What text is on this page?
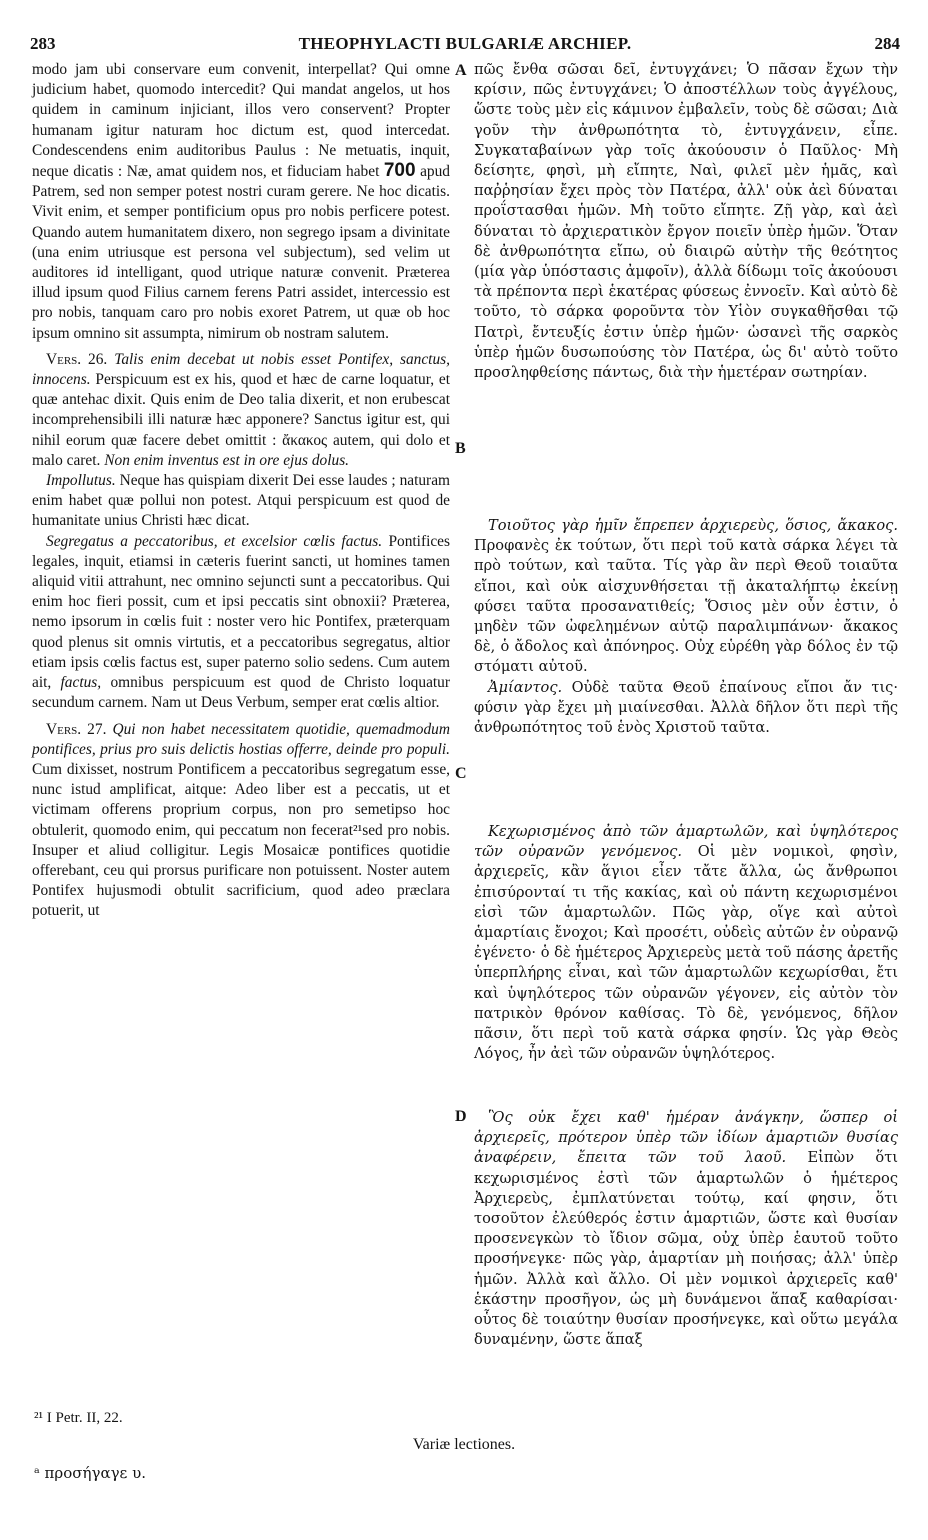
283	THEOPHYLACTI BULGARIÆ ARCHIEP.	284
A
B
C
D

modo jam ubi conservare eum convenit, interpellat? Qui omne judicium habet, quomodo intercedit? Qui mandat angelos, ut hos quidem in caminum injiciant, illos vero conservent? Propter humanam igitur naturam hoc dictum est, quod intercedat. Condescendens enim auditoribus Paulus : Ne metuatis, inquit, neque dicatis : Næ, amat quidem nos, et fiduciam habet 700 apud Patrem, sed non semper potest nostri curam gerere. Ne hoc dicatis. Vivit enim, et semper pontificium opus pro nobis perficere potest. Quando autem humanitatem dixero, non segrego ipsam a divinitate (una enim utriusque est persona vel subjectum), sed velim ut auditores id intelligant, quod utrique naturæ convenit. Præterea illud ipsum quod Filius carnem ferens Patri assidet, intercessio est pro nobis, tanquam caro pro nobis exoret Patrem, ut quæ ob hoc ipsum omnino sit assumpta, nimirum ob nostram salutem.

Vers. 26. Talis enim decebat ut nobis esset Pontifex, sanctus, innocens. Perspicuum est ex his, quod et hæc de carne loquatur, et quæ antehac dixit. Quis enim de Deo talia dixerit, et non erubescat incomprehensibili illi naturæ hæc apponere? Sanctus igitur est, qui nihil eorum quæ facere debet omittit : ἄκακος autem, qui dolo et malo caret. Non enim inventus est in ore ejus dolus.

Impollutus. Neque has quispiam dixerit Dei esse laudes ; naturam enim habet quæ pollui non potest. Atqui perspicuum est quod de humanitate unius Christi hæc dicat.

Segregatus a peccatoribus, et excelsior cœlis factus. Pontifices legales, inquit, etiamsi in cæteris fuerint sancti, ut homines tamen aliquid vitii attrahunt, nec omnino sejuncti sunt a peccatoribus. Qui enim hoc fieri possit, cum et ipsi peccatis sint obnoxii? Præterea, nemo ipsorum in cœlis fuit : noster vero hic Pontifex, præterquam quod plenus sit omnis virtutis, et a peccatoribus segregatus, altior etiam ipsis cœlis factus est, super paterno solio sedens. Cum autem ait, factus, omnibus perspicuum est quod de Christo loquatur secundum carnem. Nam ut Deus Verbum, semper erat cœlis altior.

Vers. 27. Qui non habet necessitatem quotidie, quemadmodum pontifices, prius pro suis delictis hostias offerre, deinde pro populi. Cum dixisset, nostrum Pontificem a peccatoribus segregatum esse, nunc istud amplificat, aitque: Adeo liber est a peccatis, ut et victimam offerens proprium corpus, non pro semetipso hoc obtulerit, quomodo enim, qui peccatum non fecerat²¹sed pro nobis. Insuper et aliud colligitur. Legis Mosaicæ pontifices quotidie offerebant, ceu qui prorsus purificare non potuissent. Noster autem Pontifex hujusmodi obtulit sacrificium, quod adeo præclara potuerit, ut

πῶς ἔνθα σῶσαι δεῖ, ἐντυγχάνει; Ὁ πᾶσαν ἔχων τὴν κρίσιν, πῶς ἐντυγχάνει; Ὁ ἀποστέλλων τοὺς ἀγγέλους, ὥστε τοὺς μὲν εἰς κάμινον ἐμβαλεῖν, τοὺς δὲ σῶσαι; Διὰ γοῦν τὴν ἀνθρωπότητα τὸ, ἐντυγχάνειν, εἶπε. Συγκαταβαίνων γὰρ τοῖς ἀκούουσιν ὁ Παῦλος· Μὴ δείσητε, φησὶ, μὴ εἴπητε, Ναὶ, φιλεῖ μὲν ἡμᾶς, καὶ παῤῥησίαν ἔχει πρὸς τὸν Πατέρα, ἀλλ' οὐκ ἀεὶ δύναται προΐστασθαι ἡμῶν. Μὴ τοῦτο εἴπητε. Ζῇ γὰρ, καὶ ἀεὶ δύναται τὸ ἀρχιερατικὸν ἔργον ποιεῖν ὑπὲρ ἡμῶν. Ὅταν δὲ ἀνθρωπότητα εἴπω, οὐ διαιρῶ αὐτὴν τῆς θεότητος (μία γὰρ ὑπόστασις ἀμφοῖν), ἀλλὰ δίδωμι τοῖς ἀκούουσι τὰ πρέποντα περὶ ἑκατέρας φύσεως ἐννοεῖν. Καὶ αὐτὸ δὲ τοῦτο, τὸ σάρκα φοροῦντα τὸν Υἱὸν συγκαθῆσθαι τῷ Πατρὶ, ἔντευξίς ἐστιν ὑπὲρ ἡμῶν· ὡσανεὶ τῆς σαρκὸς ὑπὲρ ἡμῶν δυσωπούσης τὸν Πατέρα, ὡς δι' αὐτὸ τοῦτο προσληφθείσης πάντως, διὰ τὴν ἡμετέραν σωτηρίαν.

Τοιοῦτος γὰρ ἡμῖν ἔπρεπεν ἀρχιερεὺς, ὅσιος, ἄκακος. Προφανὲς ἐκ τούτων, ὅτι περὶ τοῦ κατὰ σάρκα λέγει τὰ πρὸ τούτων, καὶ ταῦτα. Τίς γὰρ ἂν περὶ Θεοῦ τοιαῦτα εἴποι, καὶ οὐκ αἰσχυνθήσεται τῇ ἀκαταλήπτῳ ἐκείνῃ φύσει ταῦτα προσανατιθείς; Ὅσιος μὲν οὖν ἐστιν, ὁ μηδὲν τῶν ὠφελημένων αὐτῷ παραλιμπάνων· ἄκακος δὲ, ὁ ἄδολος καὶ ἀπόνηρος. Οὐχ εὑρέθη γὰρ δόλος ἐν τῷ στόματι αὐτοῦ.

Ἀμίαντος. Οὐδὲ ταῦτα Θεοῦ ἐπαίνους εἴποι ἄν τις· φύσιν γὰρ ἔχει μὴ μιαίνεσθαι. Ἀλλὰ δῆλον ὅτι περὶ τῆς ἀνθρωπότητος τοῦ ἑνὸς Χριστοῦ ταῦτα.

Κεχωρισμένος ἀπὸ τῶν ἁμαρτωλῶν, καὶ ὑψηλότερος τῶν οὐρανῶν γενόμενος. Οἱ μὲν νομικοὶ, φησὶν, ἀρχιερεῖς, κἂν ἅγιοι εἶεν τἄτε ἄλλα, ὡς ἄνθρωποι ἐπισύρονταί τι τῆς κακίας, καὶ οὐ πάντη κεχωρισμένοι εἰσὶ τῶν ἁμαρτωλῶν. Πῶς γὰρ, οἵγε καὶ αὐτοὶ ἁμαρτίαις ἔνοχοι; Καὶ προσέτι, οὐδεὶς αὐτῶν ἐν οὐρανῷ ἐγένετο· ὁ δὲ ἡμέτερος Ἀρχιερεὺς μετὰ τοῦ πάσης ἀρετῆς ὑπερπλήρης εἶναι, καὶ τῶν ἁμαρτωλῶν κεχωρίσθαι, ἔτι καὶ ὑψηλότερος τῶν οὐρανῶν γέγονεν, εἰς αὐτὸν τὸν πατρικὸν θρόνον καθίσας. Τὸ δὲ, γενόμενος, δῆλον πᾶσιν, ὅτι περὶ τοῦ κατὰ σάρκα φησίν. Ὡς γὰρ Θεὸς Λόγος, ἦν ἀεὶ τῶν οὐρανῶν ὑψηλότερος.

Ὃς οὐκ ἔχει καθ' ἡμέραν ἀνάγκην, ὥσπερ οἱ ἀρχιερεῖς, πρότερον ὑπὲρ τῶν ἰδίων ἁμαρτιῶν θυσίας ἀναφέρειν, ἔπειτα τῶν τοῦ λαοῦ. Εἰπὼν ὅτι κεχωρισμένος ἐστὶ τῶν ἁμαρτωλῶν ὁ ἡμέτερος Ἀρχιερεὺς, ἐμπλατύνεται τούτῳ, καί φησιν, ὅτι τοσοῦτον ἐλεύθερός ἐστιν ἁμαρτιῶν, ὥστε καὶ θυσίαν προσενεγκὼν τὸ ἴδιον σῶμα, οὐχ ὑπὲρ ἑαυτοῦ τοῦτο προσήνεγκε· πῶς γὰρ, ἁμαρτίαν μὴ ποιήσας; ἀλλ' ὑπὲρ ἡμῶν. Ἀλλὰ καὶ ἄλλο. Οἱ μὲν νομικοὶ ἀρχιερεῖς καθ' ἑκάστην προσῆγον, ὡς μὴ δυνάμενοι ἅπαξ καθαρίσαι· οὗτος δὲ τοιαύτην θυσίαν προσήνεγκε, καὶ οὕτω μεγάλα δυναμένην, ὥστε ἅπαξ

²¹ I Petr. II, 22.
Variæ lectiones.
ᵃ προσήγαγε υ.
